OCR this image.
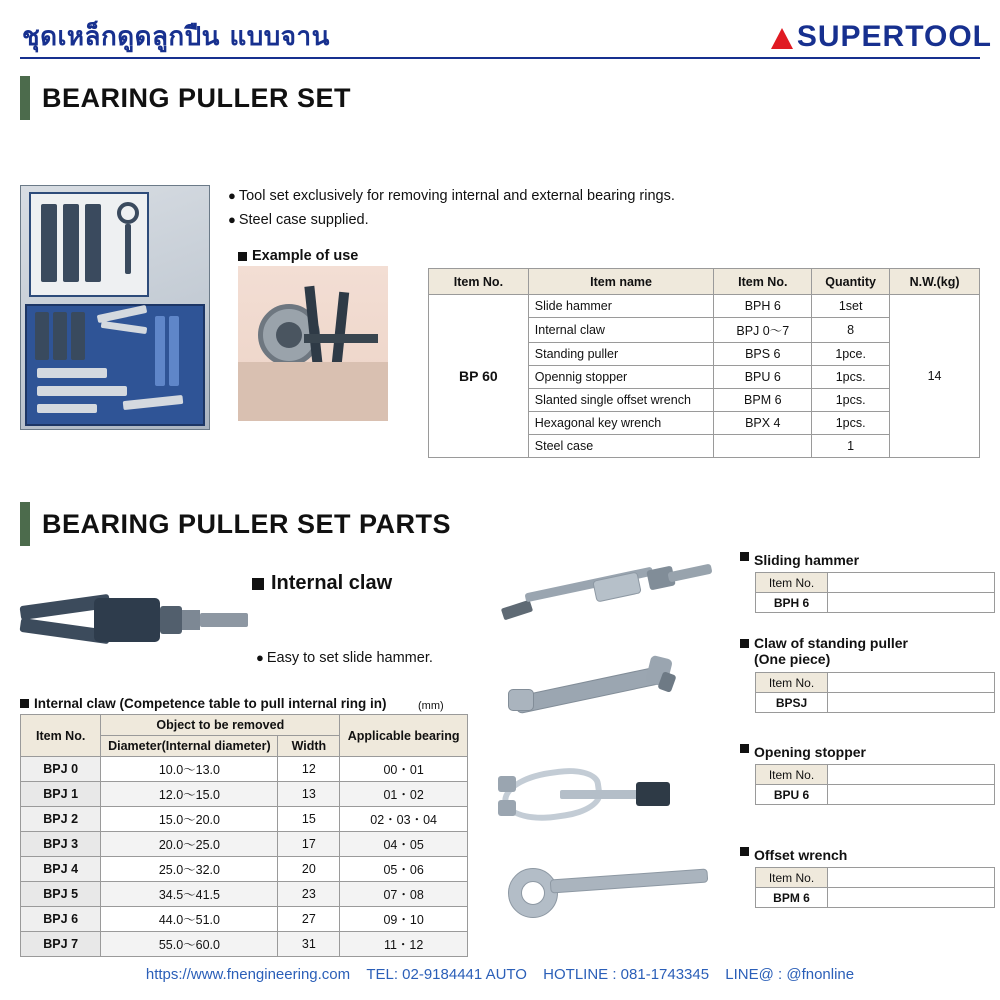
ชุดเหล็กดูดลูกปืน แบบจาน	SUPERTOOL
BEARING PULLER SET
● Tool set exclusively for removing internal and external bearing rings.
● Steel case supplied.
Example of use
Item No.	Item name	Item No.	Quantity	N.W.(kg)
BP 60	Slide hammer	BPH 6	1set	14
	Internal claw	BPJ 0〜7	8	
	Standing puller	BPS 6	1pce.	
	Opennig stopper	BPU 6	1pcs.	
	Slanted single offset wrench	BPM 6	1pcs.	
	Hexagonal key wrench	BPX 4	1pcs.	
	Steel case		1	
BEARING PULLER SET PARTS
Internal claw
● Easy to set slide hammer.
Internal claw (Competence table to pull internal ring in)	(mm)
Item No.	Object to be removed		Applicable bearing
	Diameter(Internal diameter)	Width	
BPJ 0	10.0〜13.0	12	00・01
BPJ 1	12.0〜15.0	13	01・02
BPJ 2	15.0〜20.0	15	02・03・04
BPJ 3	20.0〜25.0	17	04・05
BPJ 4	25.0〜32.0	20	05・06
BPJ 5	34.5〜41.5	23	07・08
BPJ 6	44.0〜51.0	27	09・10
BPJ 7	55.0〜60.0	31	11・12
Sliding hammer
Item No.	
BPH 6	
Claw of standing puller
(One piece)
Item No.	
BPSJ	
Opening stopper
Item No.	
BPU 6	
Offset wrench
Item No.	
BPM 6	
https://www.fnengineering.com TEL: 02-9184441 AUTO HOTLINE : 081-1743345 LINE@ : @fnonline
